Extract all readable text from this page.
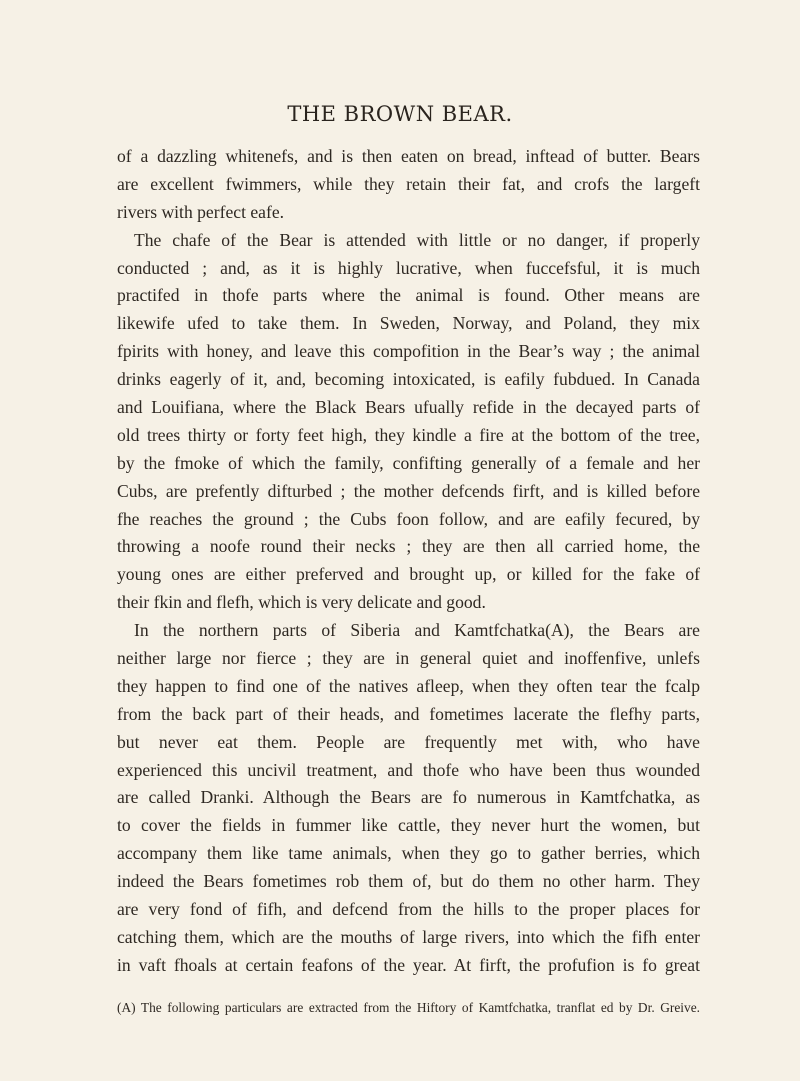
THE BROWN BEAR.
of a dazzling whitenefs, and is then eaten on bread, inftead of butter. Bears
are excellent fwimmers, while they retain their fat, and crofs the largeft
rivers with perfect eafe.
The chafe of the Bear is attended with little or no danger, if properly
conducted ; and, as it is highly lucrative, when fuccefsful, it is much
practifed in thofe parts where the animal is found. Other means are
likewife ufed to take them. In Sweden, Norway, and Poland, they mix
fpirits with honey, and leave this compofition in the Bear’s way ; the animal
drinks eagerly of it, and, becoming intoxicated, is eafily fubdued. In Canada
and Louifiana, where the Black Bears ufually refide in the decayed parts of
old trees thirty or forty feet high, they kindle a fire at the bottom of the tree,
by the fmoke of which the family, confifting generally of a female and her
Cubs, are prefently difturbed ; the mother defcends firft, and is killed before
fhe reaches the ground ; the Cubs foon follow, and are eafily fecured, by
throwing a noofe round their necks ; they are then all carried home, the
young ones are either preferved and brought up, or killed for the fake of
their fkin and flefh, which is very delicate and good.
In the northern parts of Siberia and Kamtfchatka(A), the Bears are
neither large nor fierce ; they are in general quiet and inoffenfive, unlefs
they happen to find one of the natives afleep, when they often tear the fcalp
from the back part of their heads, and fometimes lacerate the flefhy parts,
but never eat them. People are frequently met with, who have
experienced this uncivil treatment, and thofe who have been thus wounded
are called Dranki. Although the Bears are fo numerous in Kamtfchatka, as
to cover the fields in fummer like cattle, they never hurt the women, but
accompany them like tame animals, when they go to gather berries, which
indeed the Bears fometimes rob them of, but do them no other harm. They
are very fond of fifh, and defcend from the hills to the proper places for
catching them, which are the mouths of large rivers, into which the fifh enter
in vaft fhoals at certain feafons of the year. At firft, the profufion is fo great
(A) The following particulars are extracted from the Hiftory of Kamtfchatka, tranflat ed by Dr. Greive.
